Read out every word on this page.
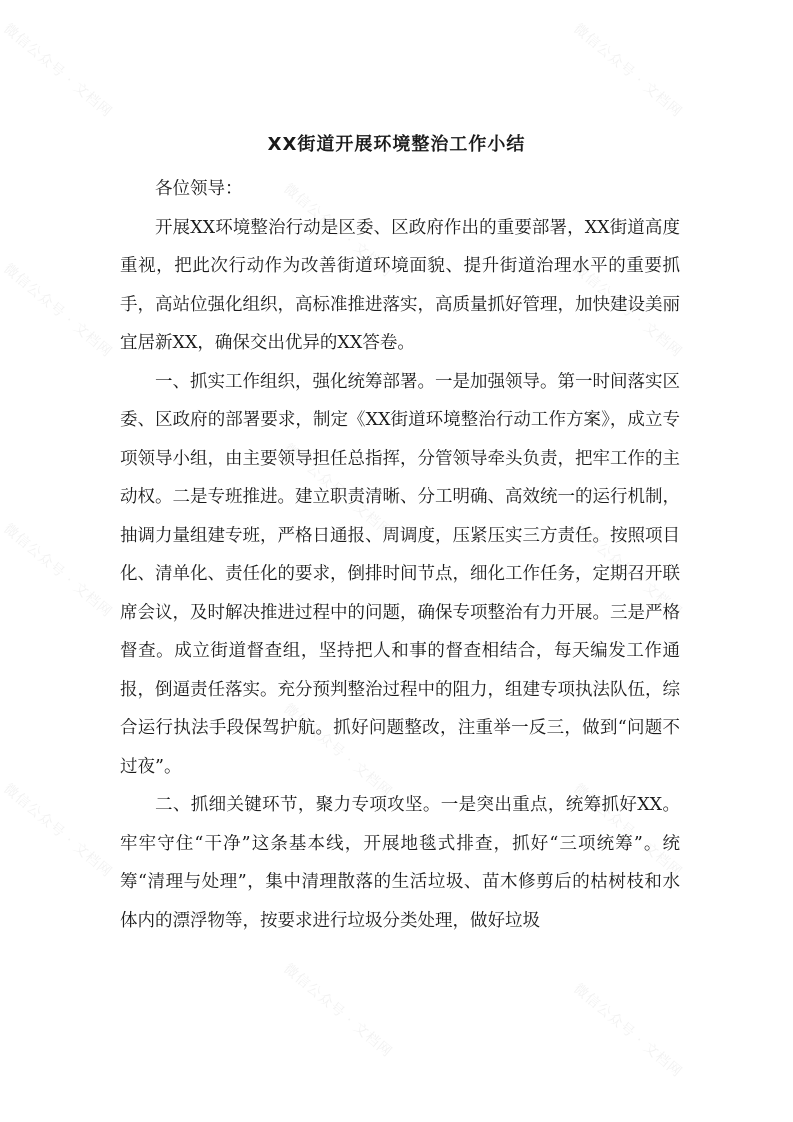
微信公众号 · 文档网	微信公众号 · 文档网
微信公众号 · 文档网
微信公众号 · 文档网
微信公众号 · 文档网
微信公众号 · 文档网
微信公众号 · 文档网
微信公众号 · 文档网
微信公众号 · 文档网
微信公众号 · 文档网
微信公众号 · 文档网
微信公众号 · 文档网	微信公众号 · 文档网
XX街道开展环境整治工作小结

各位领导：

开展XX环境整治行动是区委、区政府作出的重要部署，XX街道高度重视，把此次行动作为改善街道环境面貌、提升街道治理水平的重要抓手，高站位强化组织，高标准推进落实，高质量抓好管理，加快建设美丽宜居新XX，确保交出优异的XX答卷。

一、抓实工作组织，强化统筹部署。一是加强领导。第一时间落实区委、区政府的部署要求，制定《XX街道环境整治行动工作方案》，成立专项领导小组，由主要领导担任总指挥，分管领导牵头负责，把牢工作的主动权。二是专班推进。建立职责清晰、分工明确、高效统一的运行机制，抽调力量组建专班，严格日通报、周调度，压紧压实三方责任。按照项目化、清单化、责任化的要求，倒排时间节点，细化工作任务，定期召开联席会议，及时解决推进过程中的问题，确保专项整治有力开展。三是严格督查。成立街道督查组，坚持把人和事的督查相结合，每天编发工作通报，倒逼责任落实。充分预判整治过程中的阻力，组建专项执法队伍，综合运行执法手段保驾护航。抓好问题整改，注重举一反三，做到“问题不过夜”。

二、抓细关键环节，聚力专项攻坚。一是突出重点，统筹抓好XX。牢牢守住“干净”这条基本线，开展地毯式排查，抓好“三项统筹”。统筹“清理与处理”，集中清理散落的生活垃圾、苗木修剪后的枯树枝和水体内的漂浮物等，按要求进行垃圾分类处理，做好垃圾
